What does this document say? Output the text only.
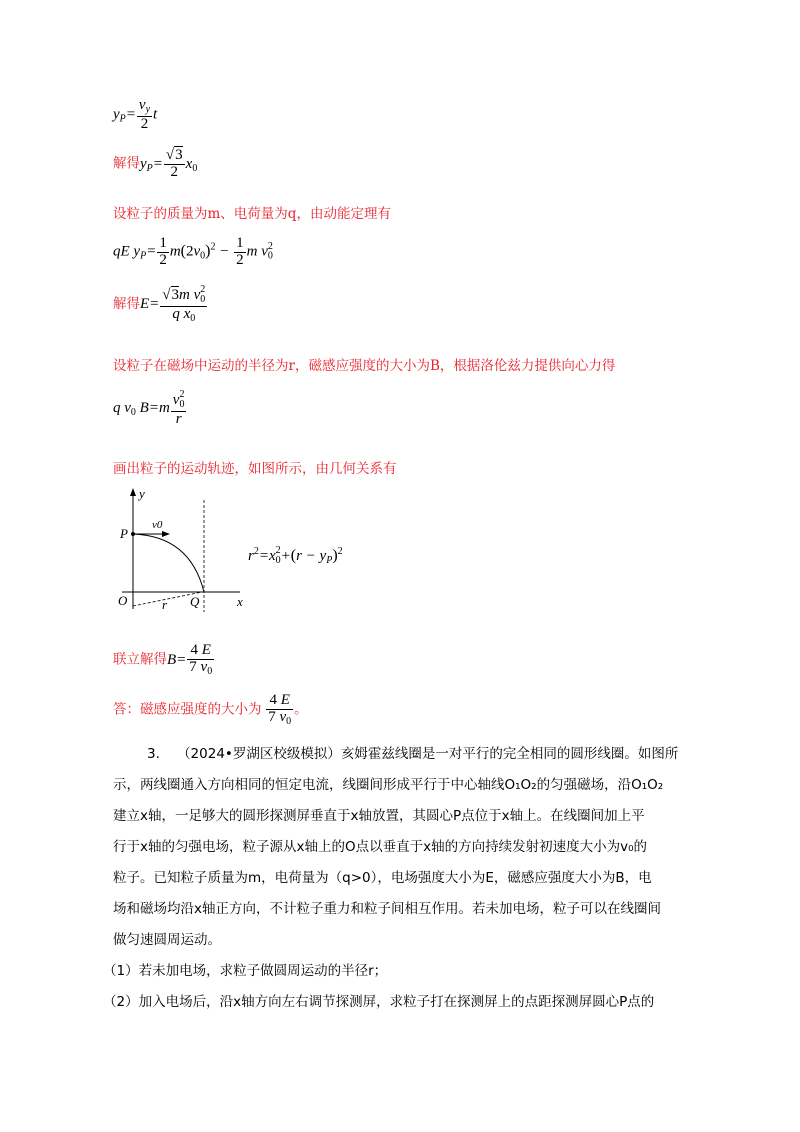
$y_P= \frac{v_y}{2}$ t
解得$y_P= \frac{√3}{2} x_0$
设粒子的质量为m、电荷量为q，由动能定理有
qE $y_P= \frac{1}{2} m(2v_0)^2 - \frac{1}{2}$ m $v_0^2$
解得$E= \frac{√3m v_0^2}{q x_0}$
设粒子在磁场中运动的半径为r，磁感应强度的大小为B，根据洛伦兹力提供向心力得
q $v_0$ $B=m \frac{v_0^2}{r}$
画出粒子的运动轨迹，如图所示，由几何关系有
y
x
P
O	Q
r
v0
$r^2=x_0^2+(r - y_P)^2$
联立解得$B= \frac{4 E}{7 v_0}$
答：磁感应强度的大小为 $\frac{4 E}{7 v_0}$ 。
3. （2024•罗湖区校级模拟）亥姆霍兹线圈是一对平行的完全相同的圆形线圈。如图所
示，两线圈通入方向相同的恒定电流，线圈间形成平行于中心轴线O₁O₂的匀强磁场，沿O₁O₂
建立x轴，一足够大的圆形探测屏垂直于x轴放置，其圆心P点位于x轴上。在线圈间加上平
行于x轴的匀强电场，粒子源从x轴上的O点以垂直于x轴的方向持续发射初速度大小为v₀的
粒子。已知粒子质量为m，电荷量为（q>0），电场强度大小为E，磁感应强度大小为B，电
场和磁场均沿x轴正方向，不计粒子重力和粒子间相互作用。若未加电场，粒子可以在线圈间
做匀速圆周运动。
（1）若未加电场，求粒子做圆周运动的半径r；
（2）加入电场后，沿x轴方向左右调节探测屏，求粒子打在探测屏上的点距探测屏圆心P点的
